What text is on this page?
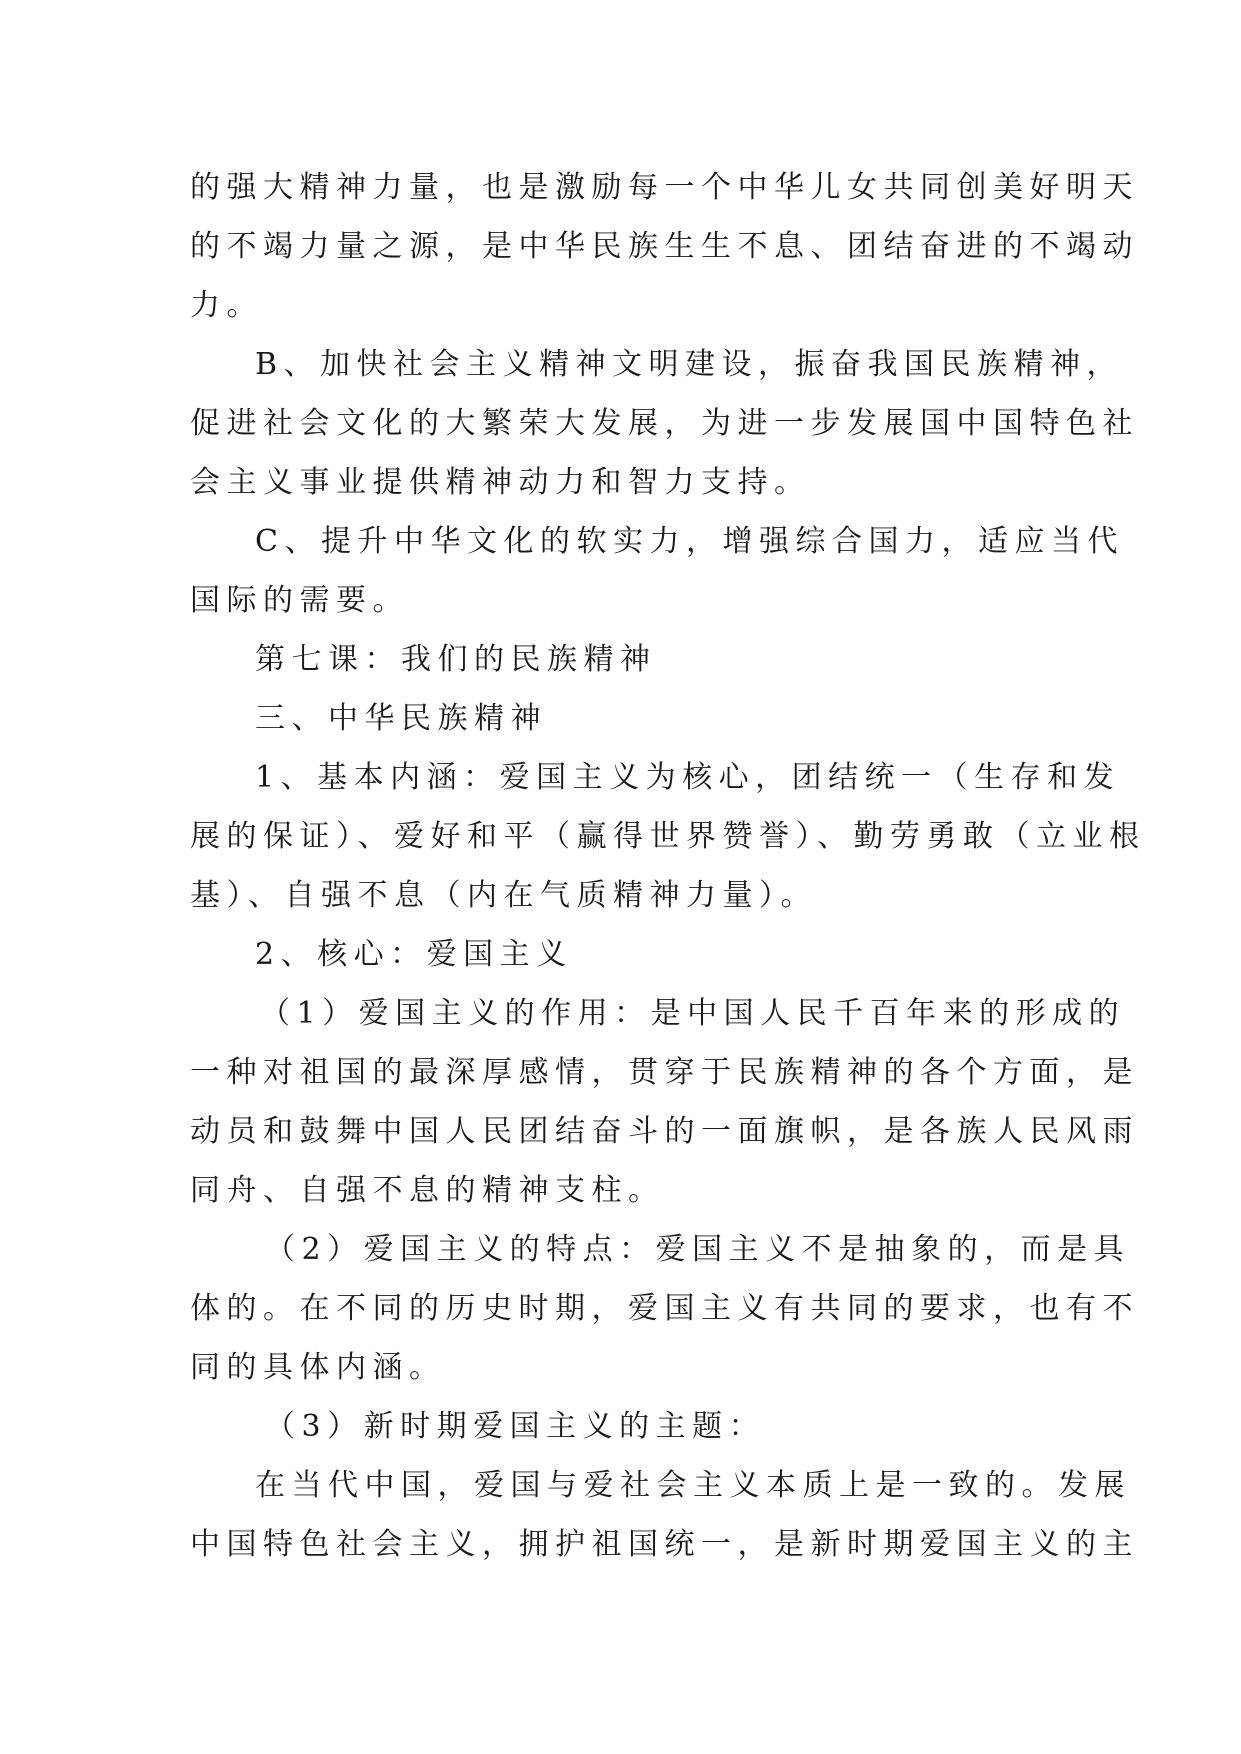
的强大精神力量，也是激励每一个中华儿女共同创美好明天
的不竭力量之源，是中华民族生生不息、团结奋进的不竭动
力。
B、加快社会主义精神文明建设，振奋我国民族精神，
促进社会文化的大繁荣大发展，为进一步发展国中国特色社
会主义事业提供精神动力和智力支持。
C、提升中华文化的软实力，增强综合国力，适应当代
国际的需要。
第七课：我们的民族精神
三、中华民族精神
1、基本内涵：爱国主义为核心，团结统一（生存和发
展的保证）、爱好和平（赢得世界赞誉）、勤劳勇敢（立业根
基）、自强不息（内在气质精神力量）。
2、核心：爱国主义
（1）爱国主义的作用：是中国人民千百年来的形成的
一种对祖国的最深厚感情，贯穿于民族精神的各个方面，是
动员和鼓舞中国人民团结奋斗的一面旗帜，是各族人民风雨
同舟、自强不息的精神支柱。
（2）爱国主义的特点：爱国主义不是抽象的，而是具
体的。在不同的历史时期，爱国主义有共同的要求，也有不
同的具体内涵。
（3）新时期爱国主义的主题：
在当代中国，爱国与爱社会主义本质上是一致的。发展
中国特色社会主义，拥护祖国统一，是新时期爱国主义的主
